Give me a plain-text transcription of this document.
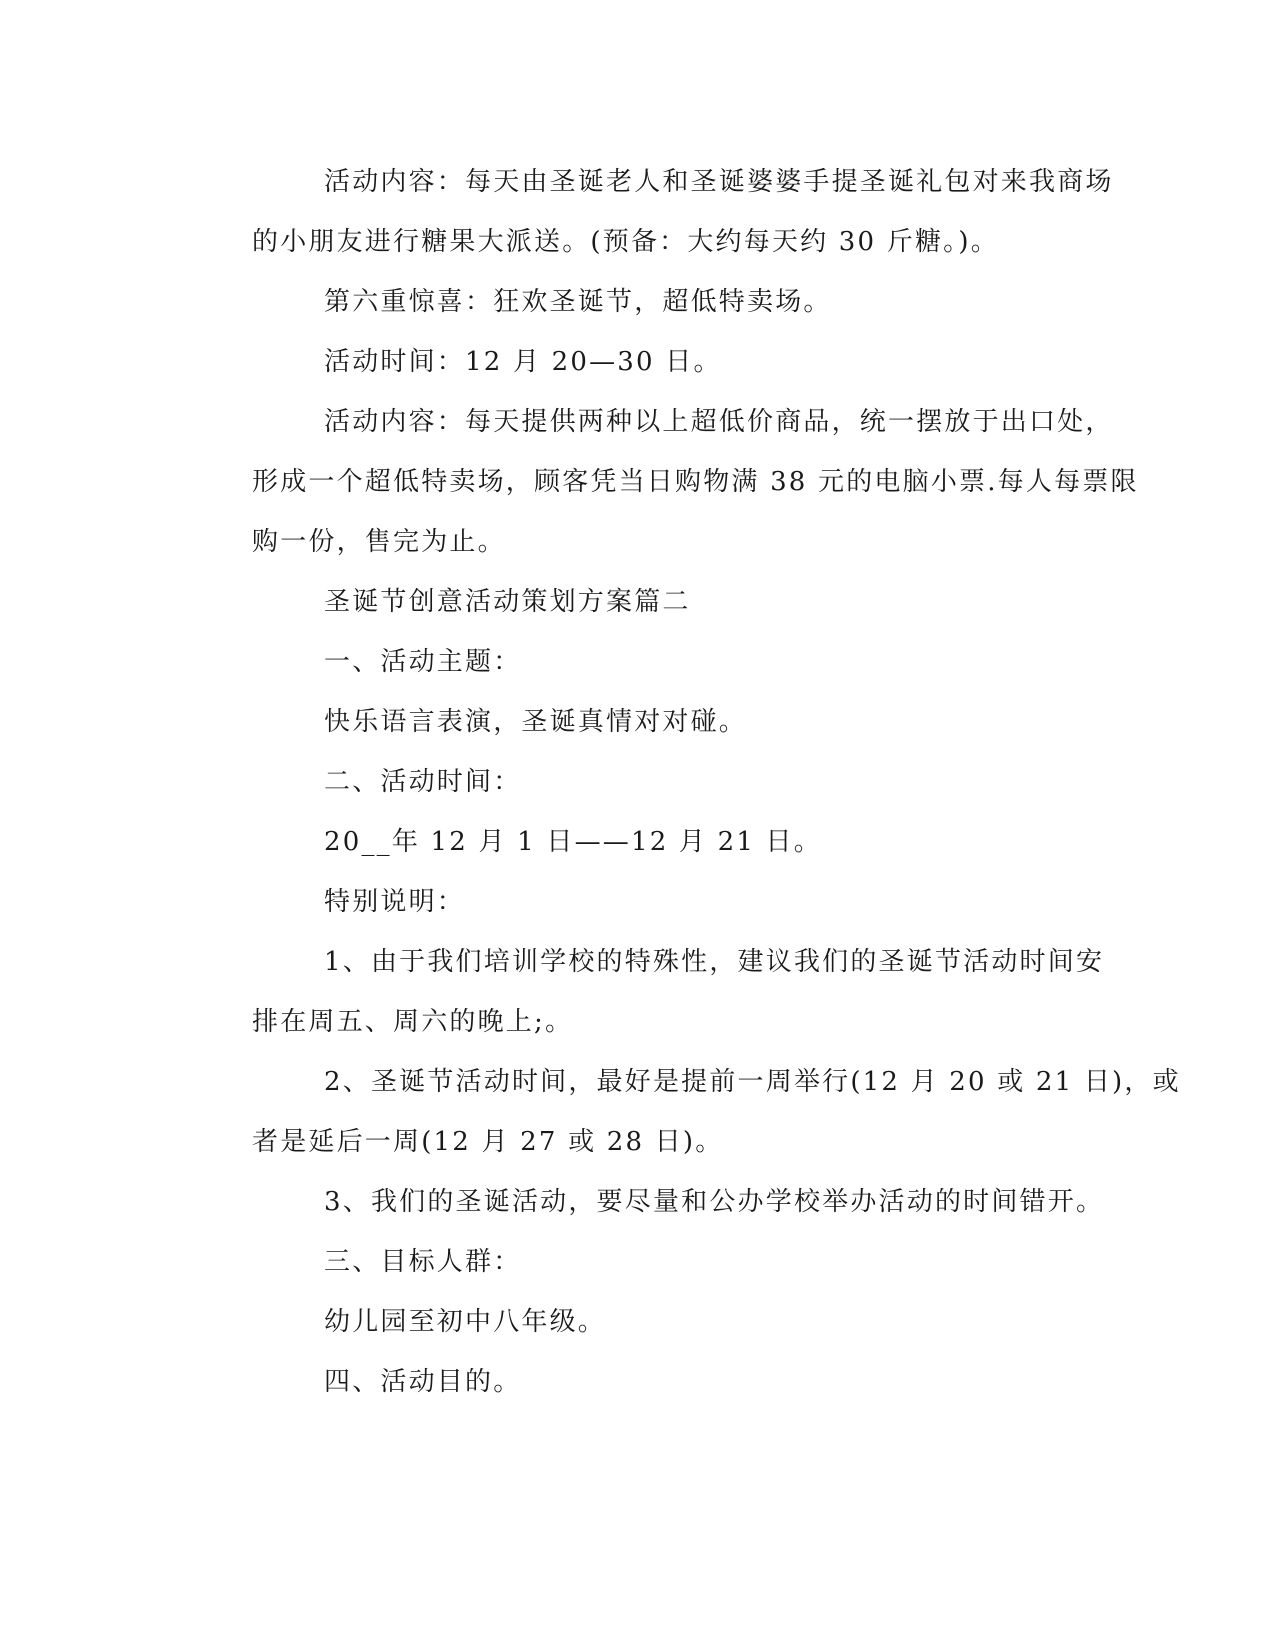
活动内容：每天由圣诞老人和圣诞婆婆手提圣诞礼包对来我商场
的小朋友进行糖果大派送。(预备：大约每天约 30 斤糖。)。
第六重惊喜：狂欢圣诞节，超低特卖场。
活动时间：12 月 20—30 日。
活动内容：每天提供两种以上超低价商品，统一摆放于出口处，
形成一个超低特卖场，顾客凭当日购物满 38 元的电脑小票.每人每票限
购一份，售完为止。
圣诞节创意活动策划方案篇二
一、活动主题：
快乐语言表演，圣诞真情对对碰。
二、活动时间：
20__年 12 月 1 日——12 月 21 日。
特别说明：
1、由于我们培训学校的特殊性，建议我们的圣诞节活动时间安
排在周五、周六的晚上;。
2、圣诞节活动时间，最好是提前一周举行(12 月 20 或 21 日)，或
者是延后一周(12 月 27 或 28 日)。
3、我们的圣诞活动，要尽量和公办学校举办活动的时间错开。
三、目标人群：
幼儿园至初中八年级。
四、活动目的。
